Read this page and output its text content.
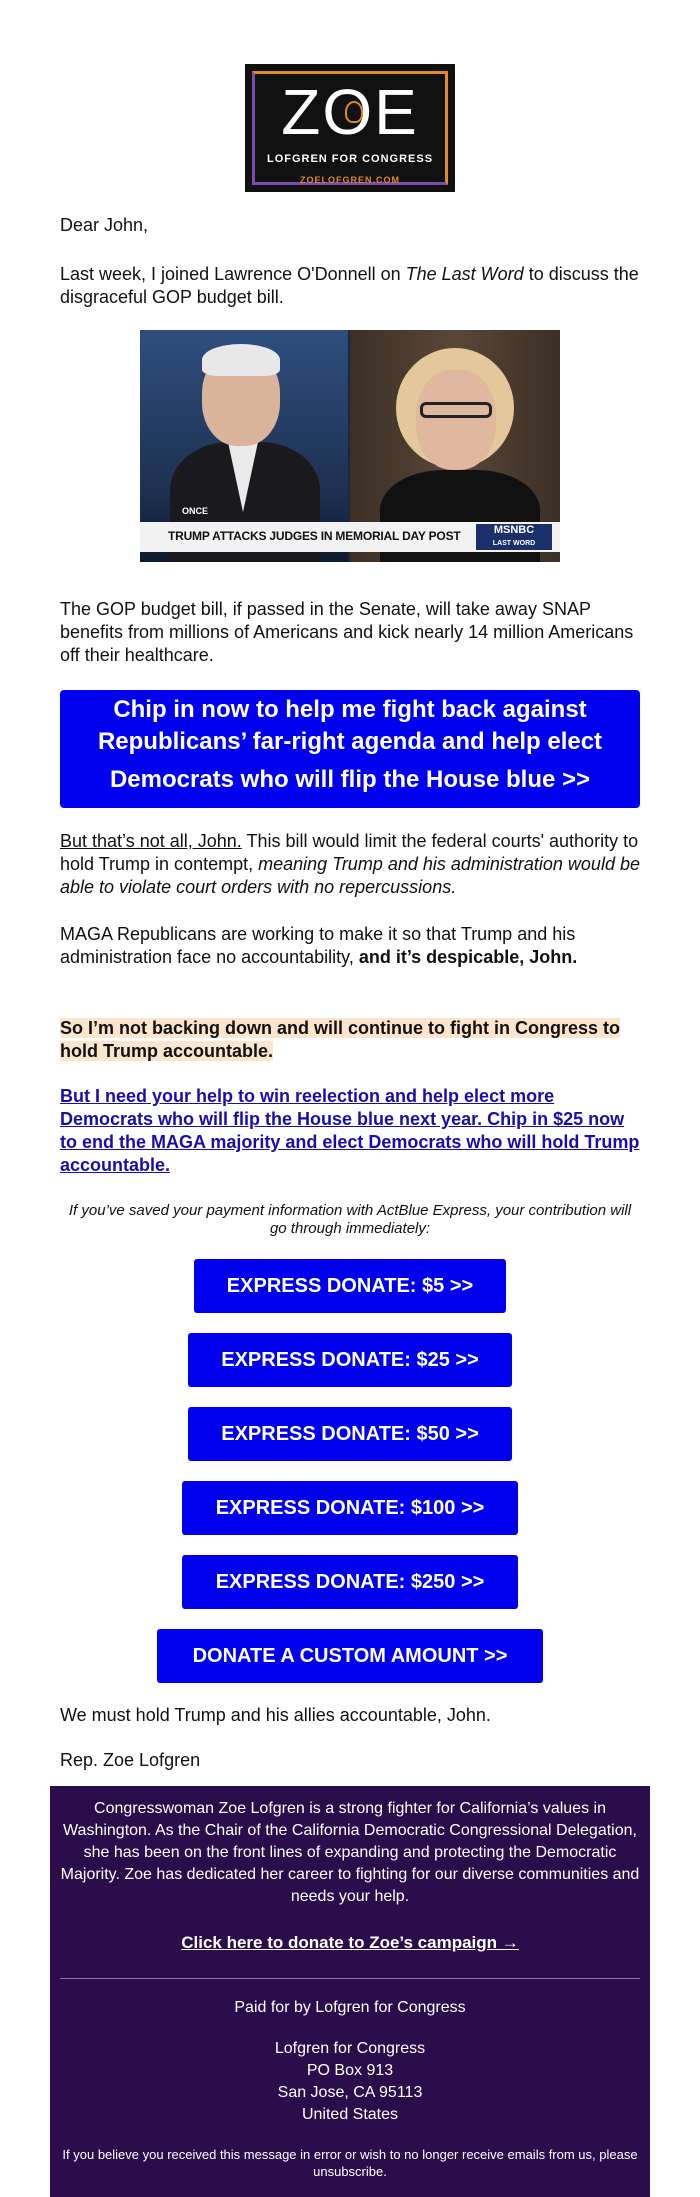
ZOE
LOFGREN FOR CONGRESS
ZOELOFGREN.COM
Dear John,
Last week, I joined Lawrence O'Donnell on The Last Word to discuss the disgraceful GOP budget bill.
ONCE
TRUMP ATTACKS JUDGES IN MEMORIAL DAY POST	MSNBC
LAST WORD
The GOP budget bill, if passed in the Senate, will take away SNAP benefits from millions of Americans and kick nearly 14 million Americans off their healthcare.
Chip in now to help me fight back against
Republicans’ far-right agenda and help elect
Democrats who will flip the House blue >>
But that’s not all, John. This bill would limit the federal courts' authority to hold Trump in contempt, meaning Trump and his administration would be able to violate court orders with no repercussions.
MAGA Republicans are working to make it so that Trump and his administration face no accountability, and it’s despicable, John.
So I’m not backing down and will continue to fight in Congress to hold Trump accountable.
But I need your help to win reelection and help elect more Democrats who will flip the House blue next year. Chip in $25 now to end the MAGA majority and elect Democrats who will hold Trump accountable.
If you’ve saved your payment information with ActBlue Express, your contribution will go through immediately:
EXPRESS DONATE: $5 >>
EXPRESS DONATE: $25 >>
EXPRESS DONATE: $50 >>
EXPRESS DONATE: $100 >>
EXPRESS DONATE: $250 >>
DONATE A CUSTOM AMOUNT >>
We must hold Trump and his allies accountable, John.
Rep. Zoe Lofgren
Congresswoman Zoe Lofgren is a strong fighter for California’s values in Washington. As the Chair of the California Democratic Congressional Delegation, she has been on the front lines of expanding and protecting the Democratic Majority. Zoe has dedicated her career to fighting for our diverse communities and needs your help.
Click here to donate to Zoe’s campaign →
Paid for by Lofgren for Congress
Lofgren for Congress
PO Box 913
San Jose, CA 95113
United States
If you believe you received this message in error or wish to no longer receive emails from us, please unsubscribe.
